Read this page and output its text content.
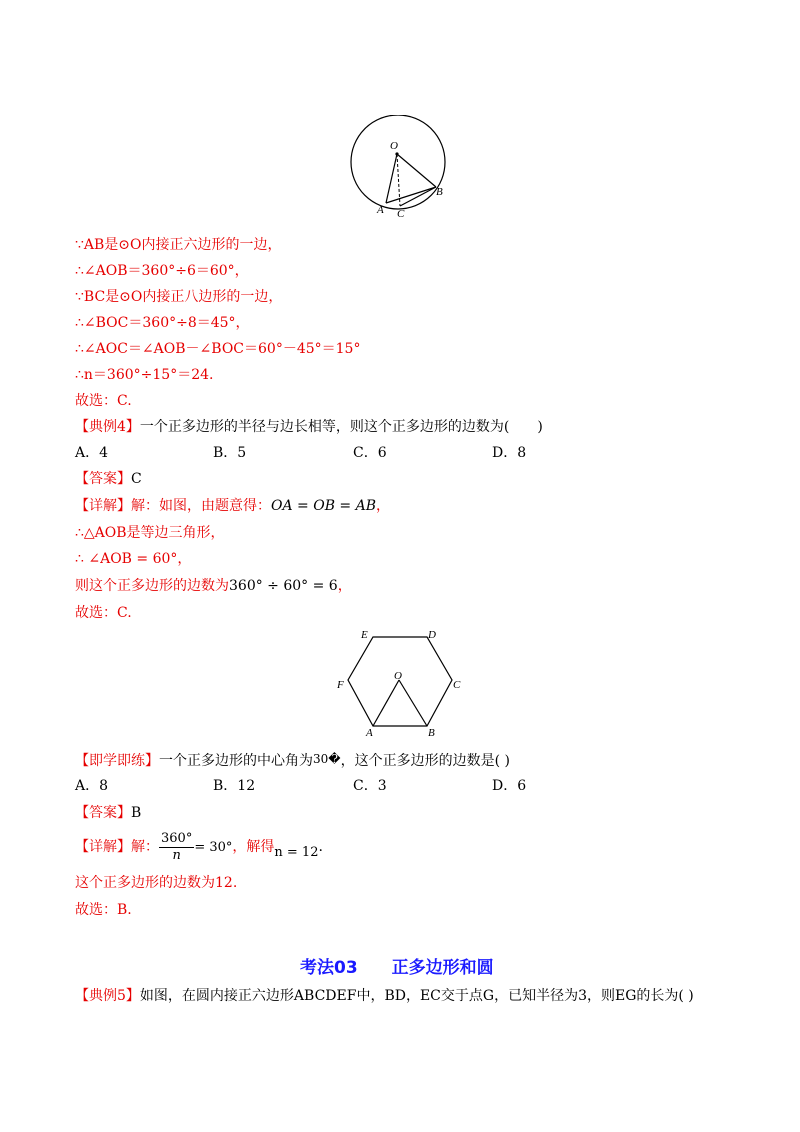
O
A C
B
∵AB是⊙O内接正六边形的一边，
∴∠AOB＝360°÷6＝60°，
∵BC是⊙O内接正八边形的一边，
∴∠BOC＝360°÷8＝45°，
∴∠AOC＝∠AOB－∠BOC＝60°－45°＝15°
∴n＝360°÷15°＝24.
故选：C.
【典例4】一个正多边形的半径与边长相等，则这个正多边形的边数为(　　)
A．4	B．5	C．6	D．8
【答案】C
【详解】解：如图，由题意得：OA = OB = AB，
∴△AOB是等边三角形，
∴ ∠AOB = 60°，
则这个正多边形的边数为360° ÷ 60° = 6，
故选：C.
E	D
F
O
C
A	B
【即学即练】一个正多边形的中心角为30�，这个正多边形的边数是( )
A．8	B．12	C．3	D．6
【答案】B
【详解】解： $\frac{360^\circ}{n} = 30^\circ$，解得n = 12.
这个正多边形的边数为12.
故选：B.
考法03　　正多边形和圆
【典例5】如图，在圆内接正六边形ABCDEF中，BD，EC交于点G，已知半径为3，则EG的长为( )
